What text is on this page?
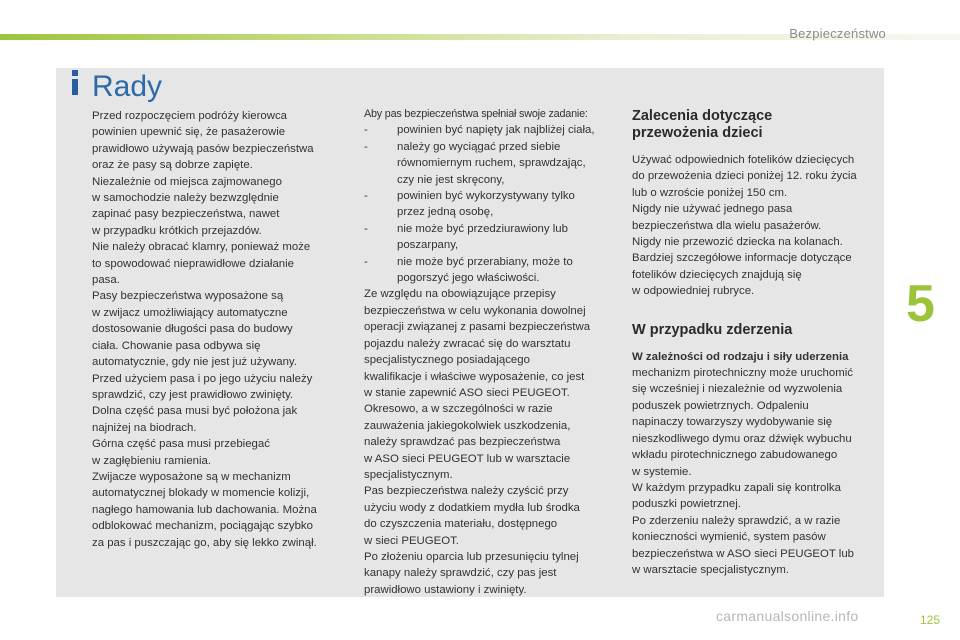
Bezpieczeństwo
Rady
Przed rozpoczęciem podróży kierowca
powinien upewnić się, że pasażerowie
prawidłowo używają pasów bezpieczeństwa
oraz że pasy są dobrze zapięte.
Niezależnie od miejsca zajmowanego
w samochodzie należy bezwzględnie
zapinać pasy bezpieczeństwa, nawet
w przypadku krótkich przejazdów.
Nie należy obracać klamry, ponieważ może
to spowodować nieprawidłowe działanie
pasa.
Pasy bezpieczeństwa wyposażone są
w zwijacz umożliwiający automatyczne
dostosowanie długości pasa do budowy
ciała. Chowanie pasa odbywa się
automatycznie, gdy nie jest już używany.
Przed użyciem pasa i po jego użyciu należy
sprawdzić, czy jest prawidłowo zwinięty.
Dolna część pasa musi być położona jak
najniżej na biodrach.
Górna część pasa musi przebiegać
w zagłębieniu ramienia.
Zwijacze wyposażone są w mechanizm
automatycznej blokady w momencie kolizji,
nagłego hamowania lub dachowania. Można
odblokować mechanizm, pociągając szybko
za pas i puszczając go, aby się lekko zwinął.
Aby pas bezpieczeństwa spełniał swoje zadanie:
-	powinien być napięty jak najbliżej ciała,
-	należy go wyciągać przed siebie
równomiernym ruchem, sprawdzając,
czy nie jest skręcony,
-	powinien być wykorzystywany tylko
przez jedną osobę,
-	nie może być przedziurawiony lub
poszarpany,
-	nie może być przerabiany, może to
pogorszyć jego właściwości.
Ze względu na obowiązujące przepisy
bezpieczeństwa w celu wykonania dowolnej
operacji związanej z pasami bezpieczeństwa
pojazdu należy zwracać się do warsztatu
specjalistycznego posiadającego
kwalifikacje i właściwe wyposażenie, co jest
w stanie zapewnić ASO sieci PEUGEOT.
Okresowo, a w szczególności w razie
zauważenia jakiegokolwiek uszkodzenia,
należy sprawdzać pas bezpieczeństwa
w ASO sieci PEUGEOT lub w warsztacie
specjalistycznym.
Pas bezpieczeństwa należy czyścić przy
użyciu wody z dodatkiem mydła lub środka
do czyszczenia materiału, dostępnego
w sieci PEUGEOT.
Po złożeniu oparcia lub przesunięciu tylnej
kanapy należy sprawdzić, czy pas jest
prawidłowo ustawiony i zwinięty.
Zalecenia dotyczące
przewożenia dzieci
Używać odpowiednich fotelików dziecięcych
do przewożenia dzieci poniżej 12. roku życia
lub o wzroście poniżej 150 cm.
Nigdy nie używać jednego pasa
bezpieczeństwa dla wielu pasażerów.
Nigdy nie przewozić dziecka na kolanach.
Bardziej szczegółowe informacje dotyczące
fotelików dziecięcych znajdują się
w odpowiedniej rubryce.
W przypadku zderzenia
W zależności od rodzaju i siły uderzenia
mechanizm pirotechniczny może uruchomić
się wcześniej i niezależnie od wyzwolenia
poduszek powietrznych. Odpaleniu
napinaczy towarzyszy wydobywanie się
nieszkodliwego dymu oraz dźwięk wybuchu
wkładu pirotechnicznego zabudowanego
w systemie.
W każdym przypadku zapali się kontrolka
poduszki powietrznej.
Po zderzeniu należy sprawdzić, a w razie
konieczności wymienić, system pasów
bezpieczeństwa w ASO sieci PEUGEOT lub
w warsztacie specjalistycznym.
5
125
carmanualsonline.info
